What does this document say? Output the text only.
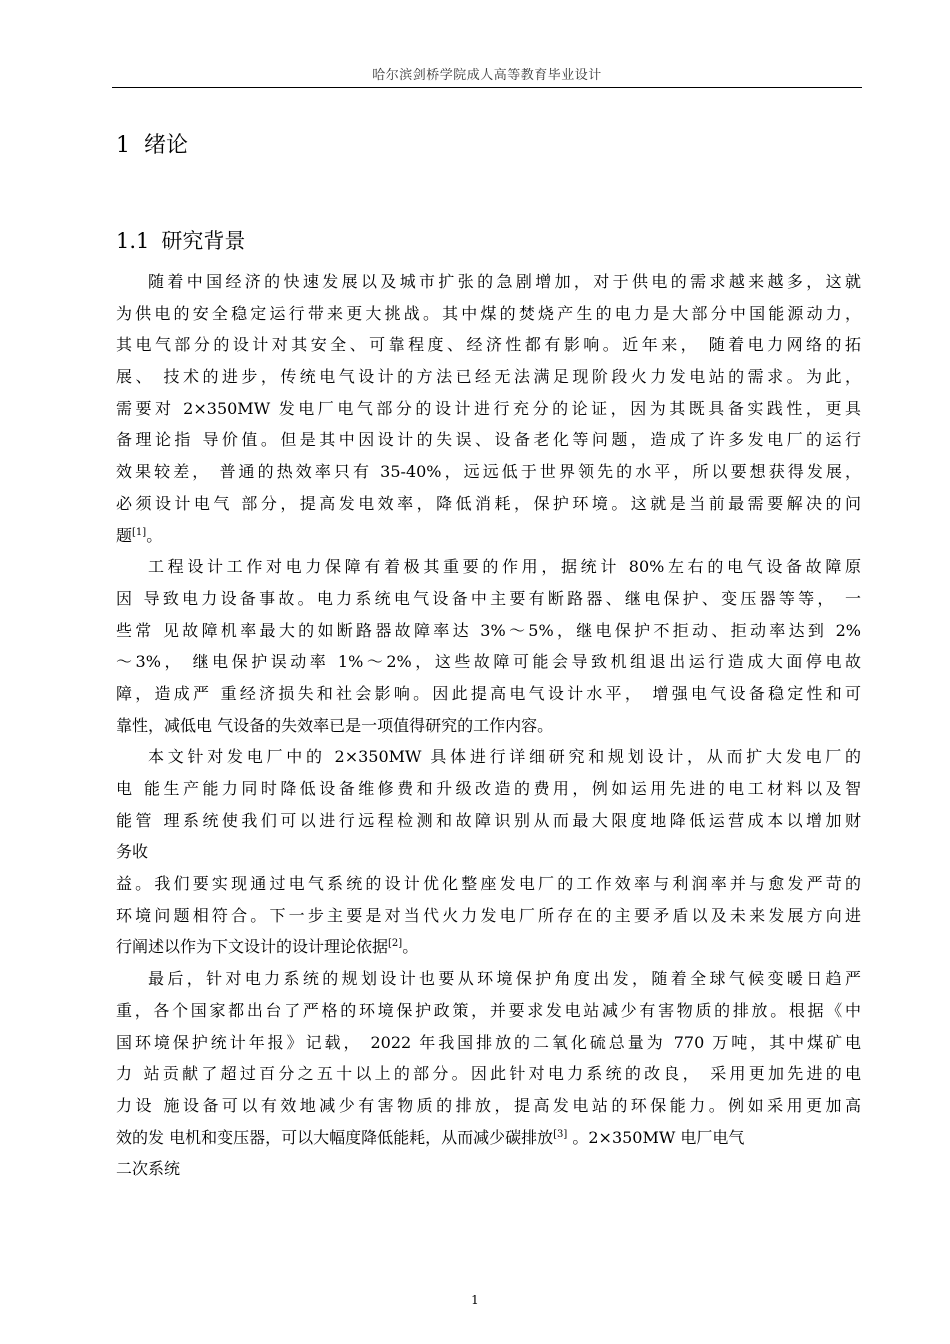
哈尔滨剑桥学院成人高等教育毕业设计
1 绪论
1.1 研究背景
随着中国经济的快速发展以及城市扩张的急剧增加，对于供电的需求越来越多，这就
为供电的安全稳定运行带来更大挑战。其中煤的焚烧产生的电力是大部分中国能源动力，
其电气部分的设计对其安全、可靠程度、经济性都有影响。近年来， 随着电力网络的拓
展、 技术的进步，传统电气设计的方法已经无法满足现阶段火力发电站的需求。为此，
需要对 2×350MW 发电厂电气部分的设计进行充分的论证，因为其既具备实践性，更具
备理论指 导价值。但是其中因设计的失误、设备老化等问题，造成了许多发电厂的运行
效果较差， 普通的热效率只有 35-40%，远远低于世界领先的水平，所以要想获得发展，
必须设计电气 部分，提高发电效率，降低消耗，保护环境。这就是当前最需要解决的问
题[1]。
工程设计工作对电力保障有着极其重要的作用，据统计 80%左右的电气设备故障原
因 导致电力设备事故。电力系统电气设备中主要有断路器、继电保护、变压器等等， 一
些常 见故障机率最大的如断路器故障率达 3%～5%，继电保护不拒动、拒动率达到 2%
～3%， 继电保护误动率 1%～2%，这些故障可能会导致机组退出运行造成大面停电故
障，造成严 重经济损失和社会影响。因此提高电气设计水平， 增强电气设备稳定性和可
靠性，减低电 气设备的失效率已是一项值得研究的工作内容。
本文针对发电厂中的 2×350MW 具体进行详细研究和规划设计，从而扩大发电厂的
电 能生产能力同时降低设备维修费和升级改造的费用，例如运用先进的电工材料以及智
能管 理系统使我们可以进行远程检测和故障识别从而最大限度地降低运营成本以增加财
务收
益。我们要实现通过电气系统的设计优化整座发电厂的工作效率与利润率并与愈发严苛的
环境问题相符合。下一步主要是对当代火力发电厂所存在的主要矛盾以及未来发展方向进
行阐述以作为下文设计的设计理论依据[2]。
最后，针对电力系统的规划设计也要从环境保护角度出发，随着全球气候变暖日趋严
重，各个国家都出台了严格的环境保护政策，并要求发电站减少有害物质的排放。根据《中
国环境保护统计年报》记载， 2022 年我国排放的二氧化硫总量为 770 万吨，其中煤矿电
力 站贡献了超过百分之五十以上的部分。因此针对电力系统的改良， 采用更加先进的电
力设 施设备可以有效地减少有害物质的排放，提高发电站的环保能力。例如采用更加高
效的发 电机和变压器，可以大幅度降低能耗，从而减少碳排放[3] 。2×350MW 电厂电气
二次系统
1
